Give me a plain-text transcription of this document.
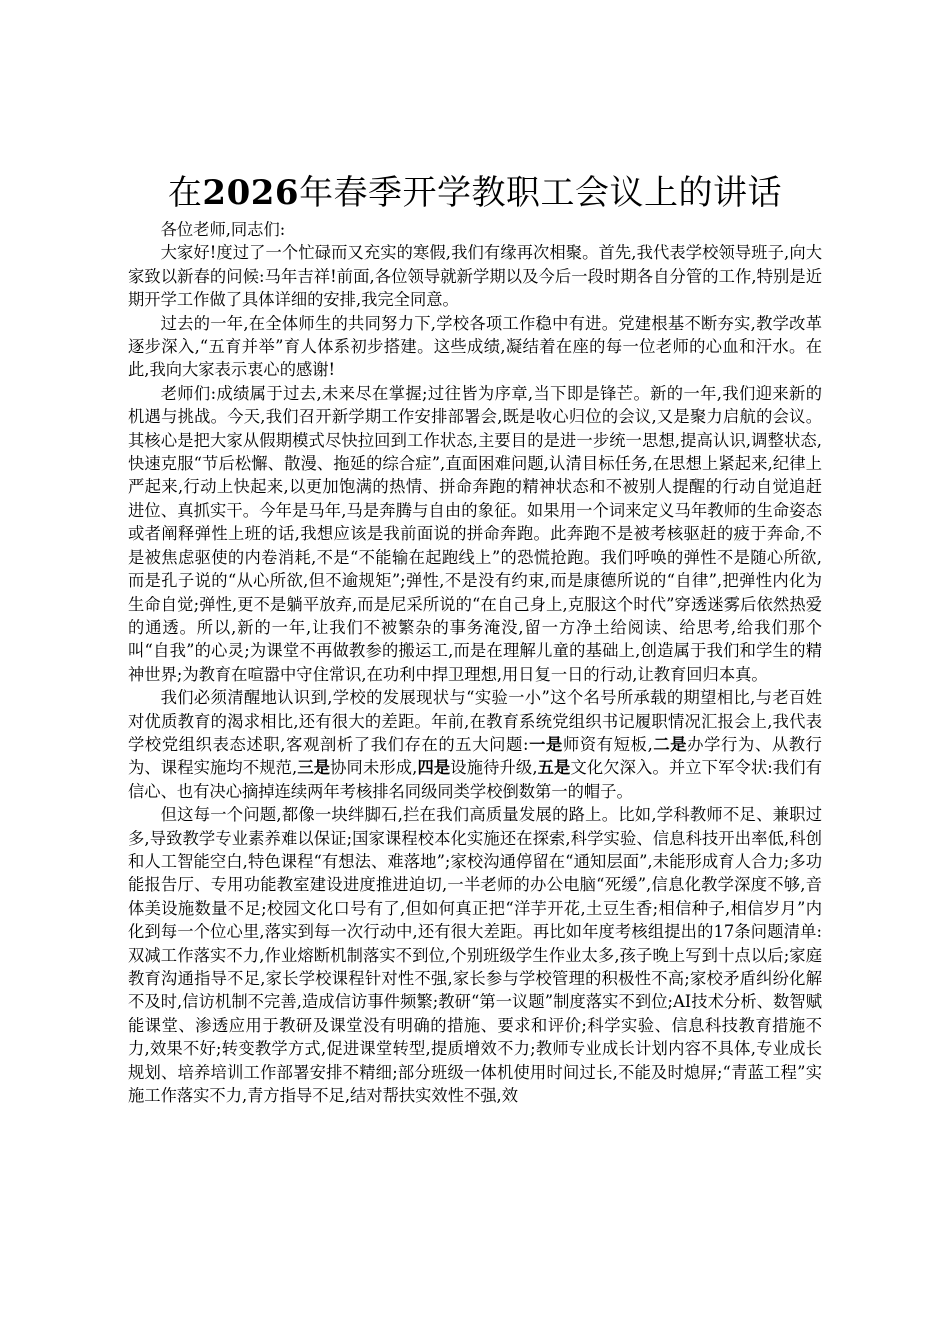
在2026年春季开学教职工会议上的讲话

各位老师,同志们:

大家好!度过了一个忙碌而又充实的寒假,我们有缘再次相聚。首先,我代表学校领导班子,向大家致以新春的问候:马年吉祥!前面,各位领导就新学期以及今后一段时期各自分管的工作,特别是近期开学工作做了具体详细的安排,我完全同意。

过去的一年,在全体师生的共同努力下,学校各项工作稳中有进。党建根基不断夯实,教学改革逐步深入,“五育并举”育人体系初步搭建。这些成绩,凝结着在座的每一位老师的心血和汗水。在此,我向大家表示衷心的感谢!

老师们:成绩属于过去,未来尽在掌握;过往皆为序章,当下即是锋芒。新的一年,我们迎来新的机遇与挑战。今天,我们召开新学期工作安排部署会,既是收心归位的会议,又是聚力启航的会议。其核心是把大家从假期模式尽快拉回到工作状态,主要目的是进一步统一思想,提高认识,调整状态,快速克服“节后松懈、散漫、拖延的综合症”,直面困难问题,认清目标任务,在思想上紧起来,纪律上严起来,行动上快起来,以更加饱满的热情、拼命奔跑的精神状态和不被别人提醒的行动自觉追赶进位、真抓实干。今年是马年,马是奔腾与自由的象征。如果用一个词来定义马年教师的生命姿态或者阐释弹性上班的话,我想应该是我前面说的拼命奔跑。此奔跑不是被考核驱赶的疲于奔命,不是被焦虑驱使的内卷消耗,不是“不能输在起跑线上”的恐慌抢跑。我们呼唤的弹性不是随心所欲,而是孔子说的“从心所欲,但不逾规矩”;弹性,不是没有约束,而是康德所说的“自律”,把弹性内化为生命自觉;弹性,更不是躺平放弃,而是尼采所说的“在自己身上,克服这个时代”穿透迷雾后依然热爱的通透。所以,新的一年,让我们不被繁杂的事务淹没,留一方净土给阅读、给思考,给我们那个叫“自我”的心灵;为课堂不再做教参的搬运工,而是在理解儿童的基础上,创造属于我们和学生的精神世界;为教育在喧嚣中守住常识,在功利中捍卫理想,用日复一日的行动,让教育回归本真。

我们必须清醒地认识到,学校的发展现状与“实验一小”这个名号所承载的期望相比,与老百姓对优质教育的渴求相比,还有很大的差距。年前,在教育系统党组织书记履职情况汇报会上,我代表学校党组织表态述职,客观剖析了我们存在的五大问题:一是师资有短板,二是办学行为、从教行为、课程实施均不规范,三是协同未形成,四是设施待升级,五是文化欠深入。并立下军令状:我们有信心、也有决心摘掉连续两年考核排名同级同类学校倒数第一的帽子。

但这每一个问题,都像一块绊脚石,拦在我们高质量发展的路上。比如,学科教师不足、兼职过多,导致教学专业素养难以保证;国家课程校本化实施还在探索,科学实验、信息科技开出率低,科创和人工智能空白,特色课程“有想法、难落地”;家校沟通停留在“通知层面”,未能形成育人合力;多功能报告厅、专用功能教室建设进度推进迫切,一半老师的办公电脑“死缓”,信息化教学深度不够,音体美设施数量不足;校园文化口号有了,但如何真正把“洋芋开花,土豆生香;相信种子,相信岁月”内化到每一个位心里,落实到每一次行动中,还有很大差距。再比如年度考核组提出的17条问题清单:双减工作落实不力,作业熔断机制落实不到位,个别班级学生作业太多,孩子晚上写到十点以后;家庭教育沟通指导不足,家长学校课程针对性不强,家长参与学校管理的积极性不高;家校矛盾纠纷化解不及时,信访机制不完善,造成信访事件频繁;教研“第一议题”制度落实不到位;AI技术分析、数智赋能课堂、渗透应用于教研及课堂没有明确的措施、要求和评价;科学实验、信息科技教育措施不力,效果不好;转变教学方式,促进课堂转型,提质增效不力;教师专业成长计划内容不具体,专业成长规划、培养培训工作部署安排不精细;部分班级一体机使用时间过长,不能及时熄屏;“青蓝工程”实施工作落实不力,青方指导不足,结对帮扶实效性不强,效
